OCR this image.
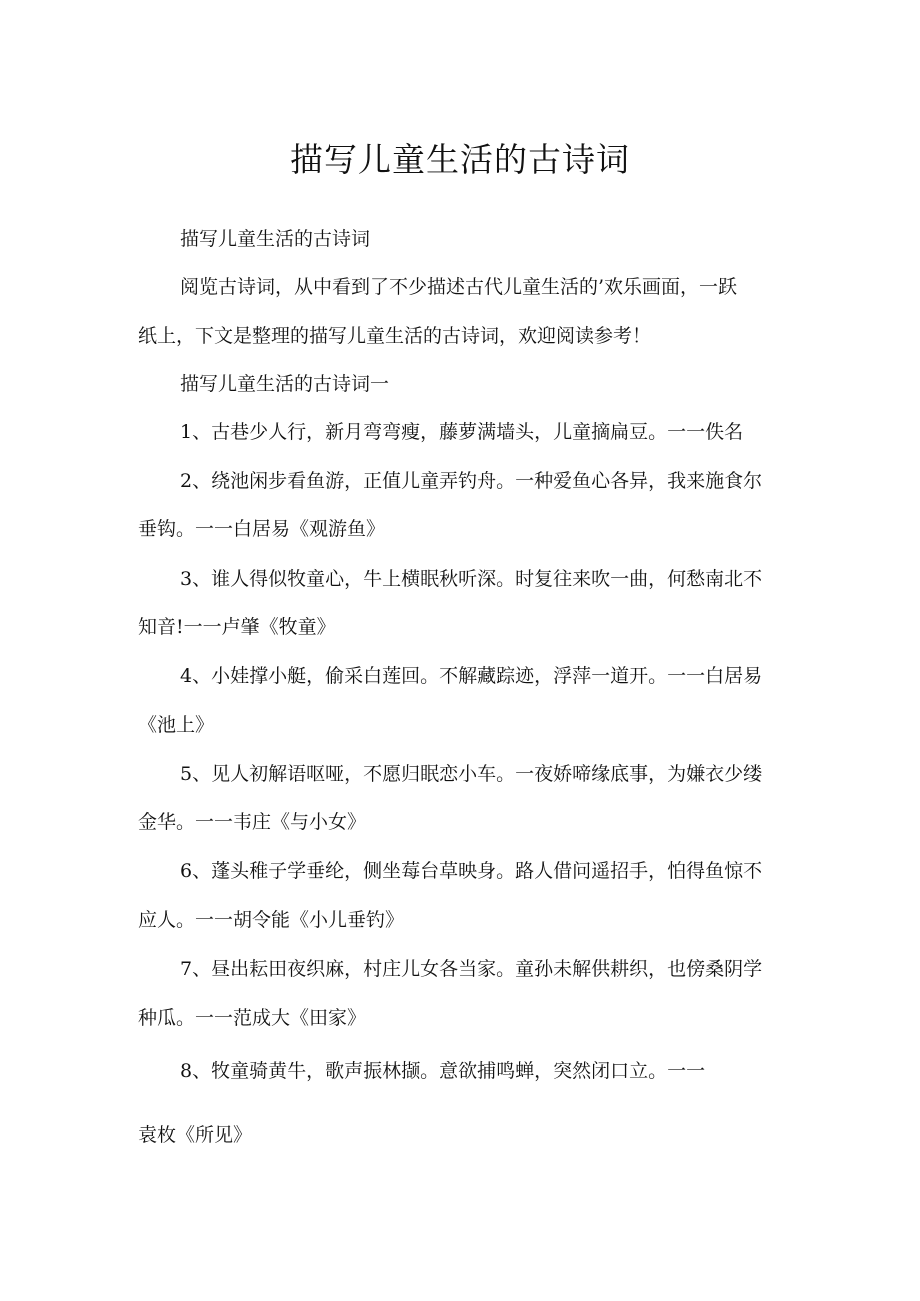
描写儿童生活的古诗词

描写儿童生活的古诗词

阅览古诗词，从中看到了不少描述古代儿童生活的’欢乐画面，一跃

纸上，下文是整理的描写儿童生活的古诗词，欢迎阅读参考！

描写儿童生活的古诗词一

1、古巷少人行，新月弯弯瘦，藤萝满墙头，儿童摘扁豆。一一佚名

2、绕池闲步看鱼游，正值儿童弄钓舟。一种爱鱼心各异，我来施食尔

垂钩。一一白居易《观游鱼》

3、谁人得似牧童心，牛上横眠秋听深。时复往来吹一曲，何愁南北不

知音!一一卢肇《牧童》

4、小娃撑小艇，偷采白莲回。不解藏踪迹，浮萍一道开。一一白居易

《池上》

5、见人初解语呕哑，不愿归眠恋小车。一夜娇啼缘底事，为嫌衣少缕

金华。一一韦庄《与小女》

6、蓬头稚子学垂纶，侧坐莓台草映身。路人借问遥招手，怕得鱼惊不

应人。一一胡令能《小儿垂钓》

7、昼出耘田夜织麻，村庄儿女各当家。童孙未解供耕织，也傍桑阴学

种瓜。一一范成大《田家》

8、牧童骑黄牛，歌声振林撷。意欲捕鸣蝉，突然闭口立。一一

袁枚《所见》
